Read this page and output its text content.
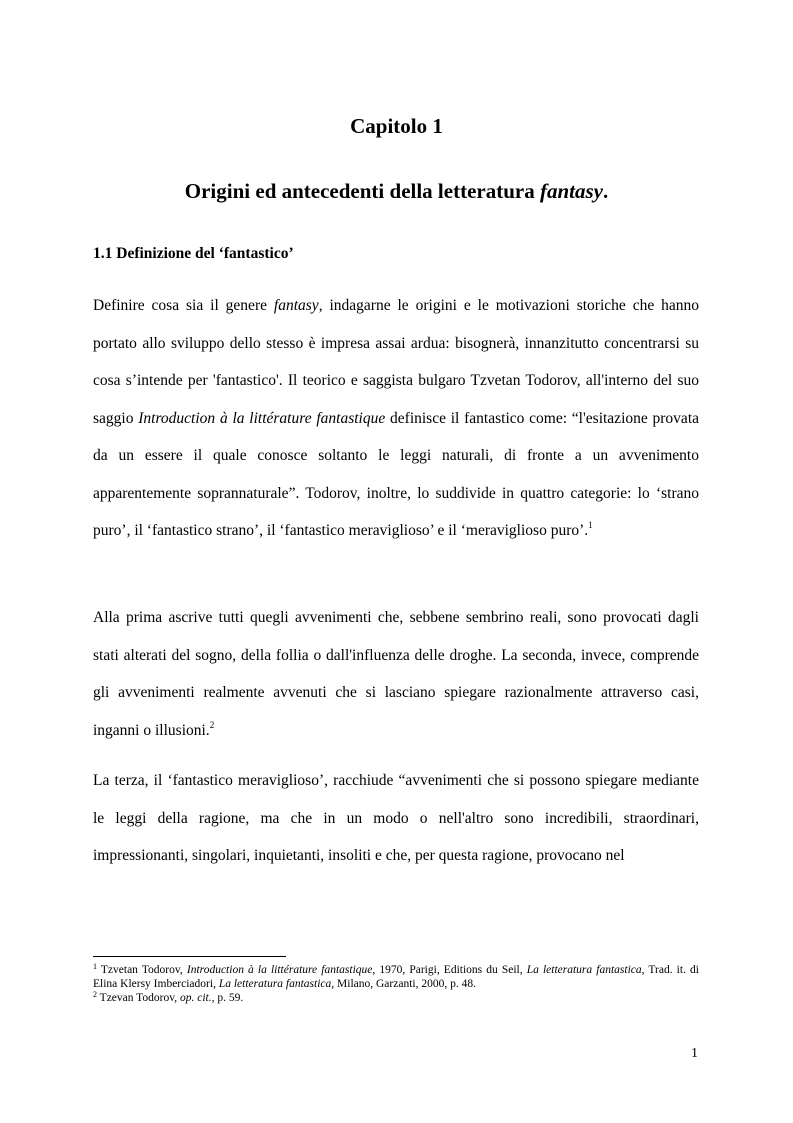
Capitolo 1
Origini ed antecedenti della letteratura fantasy.
1.1 Definizione del ‘fantastico’

Definire cosa sia il genere fantasy, indagarne le origini e le motivazioni storiche che hanno portato allo sviluppo dello stesso è impresa assai ardua: bisognerà, innanzitutto concentrarsi su cosa s’intende per 'fantastico'. Il teorico e saggista bulgaro Tzvetan Todorov, all'interno del suo saggio Introduction à la littérature fantastique definisce il fantastico come: “l'esitazione provata da un essere il quale conosce soltanto le leggi naturali, di fronte a un avvenimento apparentemente soprannaturale”. Todorov, inoltre, lo suddivide in quattro categorie: lo ‘strano puro’, il ‘fantastico strano’, il ‘fantastico meraviglioso’ e il ‘meraviglioso puro’.$^1$

Alla prima ascrive tutti quegli avvenimenti che, sebbene sembrino reali, sono provocati dagli stati alterati del sogno, della follia o dall'influenza delle droghe. La seconda, invece, comprende gli avvenimenti realmente avvenuti che si lasciano spiegare razionalmente attraverso casi, inganni o illusioni.$^2$

La terza, il ‘fantastico meraviglioso’, racchiude “avvenimenti che si possono spiegare mediante le leggi della ragione, ma che in un modo o nell'altro sono incredibili, straordinari, impressionanti, singolari, inquietanti, insoliti e che, per questa ragione, provocano nel

$^1$ Tzvetan Todorov, Introduction à la littérature fantastique, 1970, Parigi, Editions du Seil, La letteratura fantastica, Trad. it. di Elina Klersy Imberciadori, La letteratura fantastica, Milano, Garzanti, 2000, p. 48.

$^2$ Tzevan Todorov, op. cit., p. 59.

1
